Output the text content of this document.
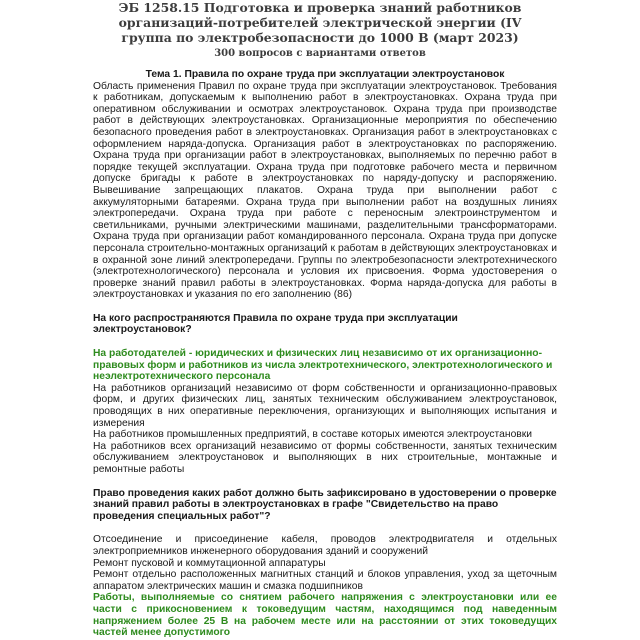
ЭБ 1258.15 Подготовка и проверка знаний работников организаций-потребителей электрической энергии (IV группа по электробезопасности до 1000 В (март 2023)
300 вопросов с вариантами ответов
Тема 1. Правила по охране труда при эксплуатации электроустановок

Область применения Правил по охране труда при эксплуатации электроустановок. Требования к работникам, допускаемым к выполнению работ в электроустановках. Охрана труда при оперативном обслуживании и осмотрах электроустановок. Охрана труда при производстве работ в действующих электроустановках. Организационные мероприятия по обеспечению безопасного проведения работ в электроустановках. Организация работ в электроустановках с оформлением наряда-допуска. Организация работ в электроустановках по распоряжению. Охрана труда при организации работ в электроустановках, выполняемых по перечню работ в порядке текущей эксплуатации. Охрана труда при подготовке рабочего места и первичном допуске бригады к работе в электроустановках по наряду-допуску и распоряжению. Вывешивание запрещающих плакатов. Охрана труда при выполнении работ с аккумуляторными батареями. Охрана труда при выполнении работ на воздушных линиях электропередачи. Охрана труда при работе с переносным электроинструментом и светильниками, ручными электрическими машинами, разделительными трансформаторами. Охрана труда при организации работ командированного персонала. Охрана труда при допуске персонала строительно-монтажных организаций к работам в действующих электроустановках и в охранной зоне линий электропередачи. Группы по электробезопасности электротехнического (электротехнологического) персонала и условия их присвоения. Форма удостоверения о проверке знаний правил работы в электроустановках. Форма наряда-допуска для работы в электроустановках и указания по его заполнению (86)

На кого распространяются Правила по охране труда при эксплуатации электроустановок?

На работодателей - юридических и физических лиц независимо от их организационно-правовых форм и работников из числа электротехнического, электротехнологического и неэлектротехнического персонала

На работников организаций независимо от форм собственности и организационно-правовых форм, и других физических лиц, занятых техническим обслуживанием электроустановок, проводящих в них оперативные переключения, организующих и выполняющих испытания и измерения

На работников промышленных предприятий, в составе которых имеются электроустановки

На работников всех организаций независимо от формы собственности, занятых техническим обслуживанием электроустановок и выполняющих в них строительные, монтажные и ремонтные работы

Право проведения каких работ должно быть зафиксировано в удостоверении о проверке знаний правил работы в электроустановках в графе "Свидетельство на право проведения специальных работ"?

Отсоединение и присоединение кабеля, проводов электродвигателя и отдельных электроприемников инженерного оборудования зданий и сооружений

Ремонт пусковой и коммутационной аппаратуры

Ремонт отдельно расположенных магнитных станций и блоков управления, уход за щеточным аппаратом электрических машин и смазка подшипников

Работы, выполняемые со снятием рабочего напряжения с электроустановки или ее части с прикосновением к токоведущим частям, находящимся под наведенным напряжением более 25 В на рабочем месте или на расстоянии от этих токоведущих частей менее допустимого
